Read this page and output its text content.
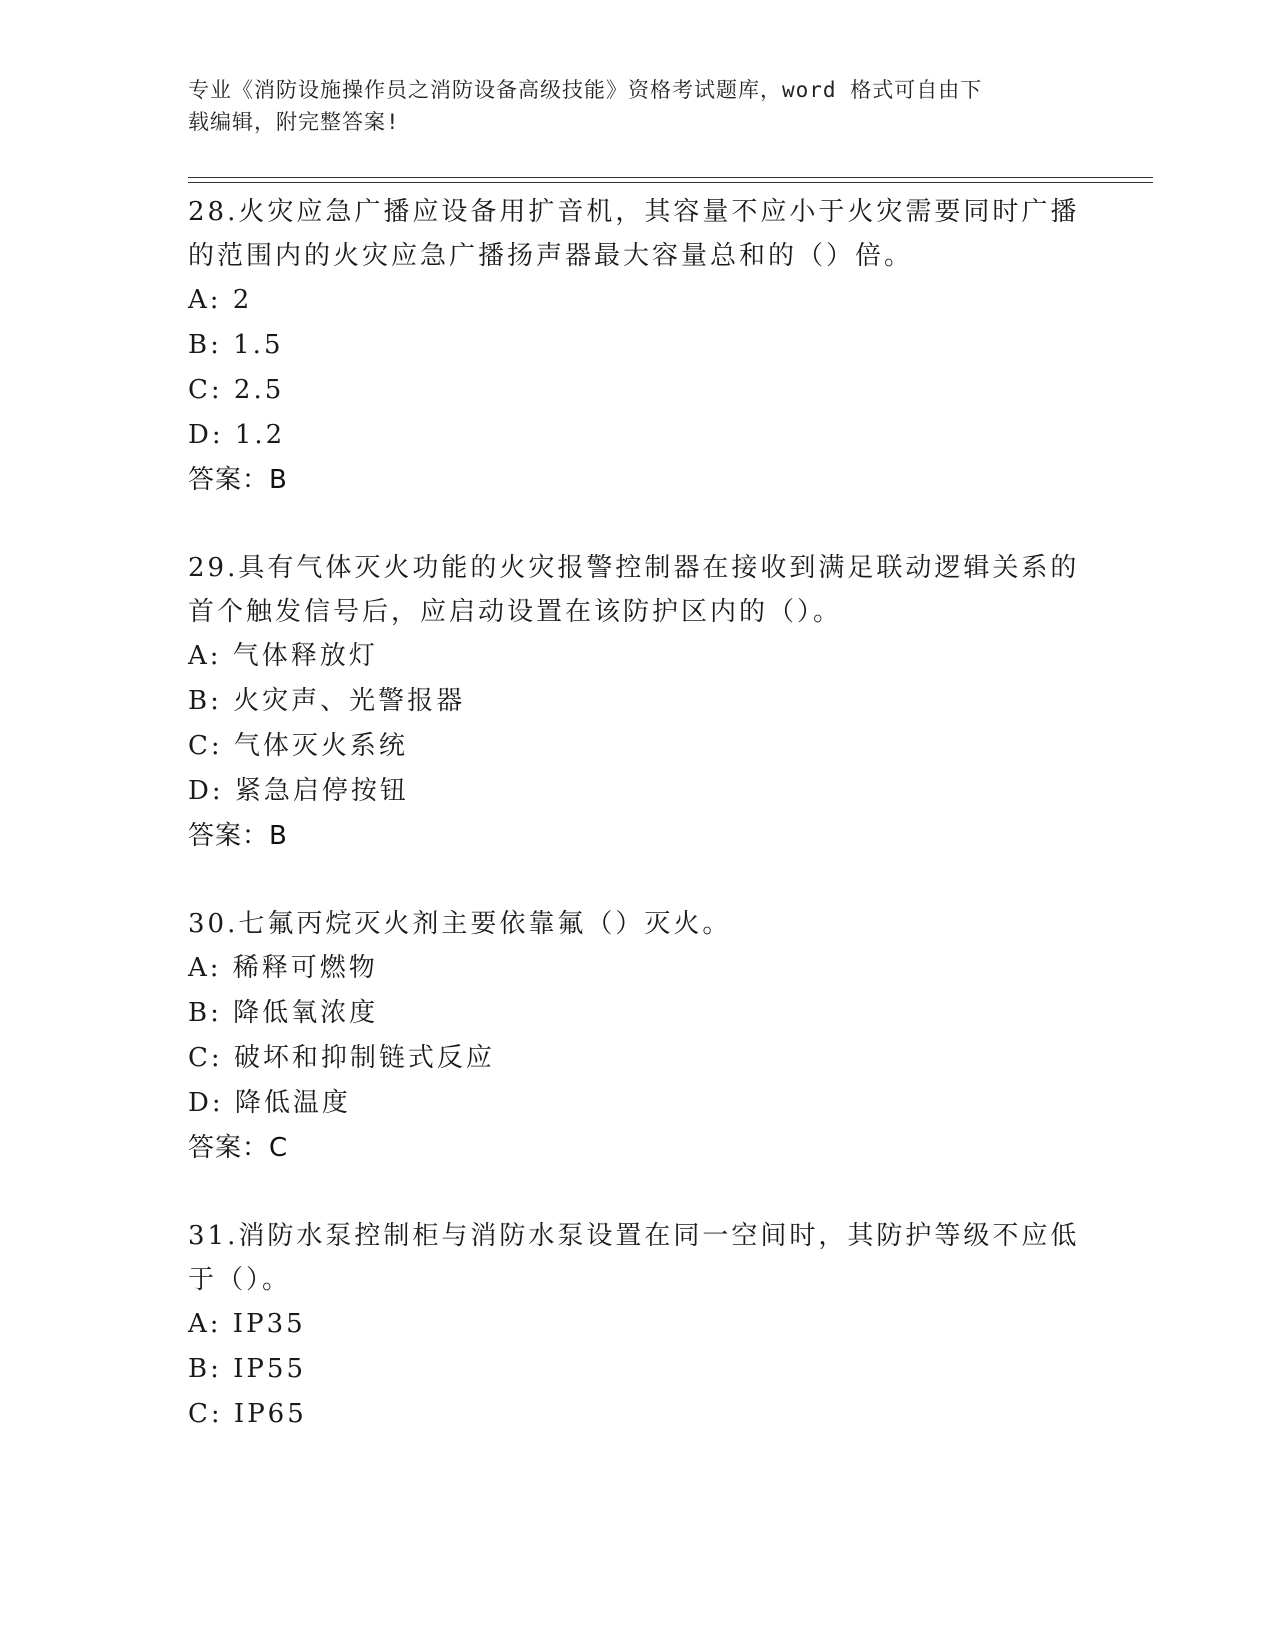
专业《消防设施操作员之消防设备高级技能》资格考试题库，word 格式可自由下
载编辑，附完整答案!

28.火灾应急广播应设备用扩音机，其容量不应小于火灾需要同时广播

的范围内的火灾应急广播扬声器最大容量总和的（）倍。

A: 2

B: 1.5

C: 2.5

D: 1.2

答案：B

29.具有气体灭火功能的火灾报警控制器在接收到满足联动逻辑关系的

首个触发信号后，应启动设置在该防护区内的（）。

A: 气体释放灯

B: 火灾声、光警报器

C: 气体灭火系统

D: 紧急启停按钮

答案：B

30.七氟丙烷灭火剂主要依靠氟（）灭火。

A: 稀释可燃物

B: 降低氧浓度

C: 破坏和抑制链式反应

D: 降低温度

答案：C

31.消防水泵控制柜与消防水泵设置在同一空间时，其防护等级不应低

于（）。

A: IP35

B: IP55

C: IP65
